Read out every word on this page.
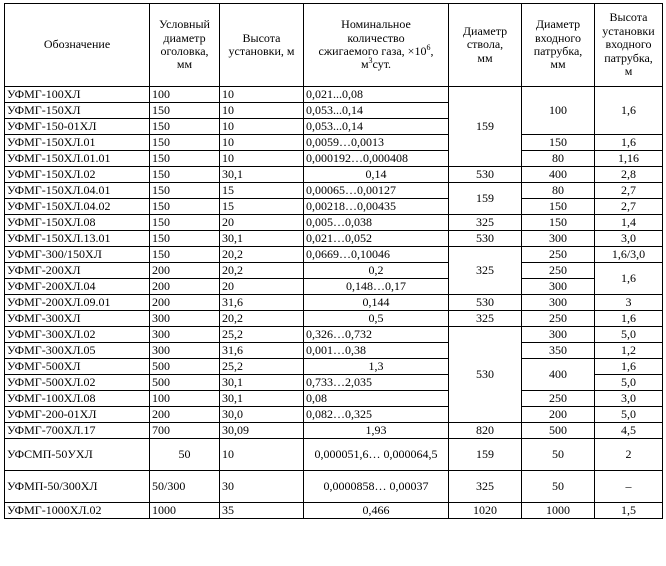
Обозначение	Условный
диаметр
оголовка,
мм	Высота
установки, м	Номинальное
количество
сжигаемого газа, $\times 10^6$,
$м^3сут$.	Диаметр
ствола,
мм	Диаметр
входного
патрубка,
мм	Высота
установки
входного
патрубка,
м
УФМГ-100ХЛ	100	10	0,021...0,08	159	100	1,6
УФМГ-150ХЛ	150	10	0,053...0,14			
УФМГ-150-01ХЛ	150	10	0,053...0,14			
УФМГ-150ХЛ.01	150	10	0,0059…0,0013		150	1,6
УФМГ-150ХЛ.01.01	150	10	0,000192…0,000408		80	1,16
УФМГ-150ХЛ.02	150	30,1	0,14	530	400	2,8
УФМГ-150ХЛ.04.01	150	15	0,00065…0,00127	159	80	2,7
УФМГ-150ХЛ.04.02	150	15	0,00218…0,00435		150	2,7
УФМГ-150ХЛ.08	150	20	0,005…0,038	325	150	1,4
УФМГ-150ХЛ.13.01	150	30,1	0,021…0,052	530	300	3,0
УФМГ-300/150ХЛ	150	20,2	0,0669…0,10046	325	250	1,6/3,0
УФМГ-200ХЛ	200	20,2	0,2		250	1,6
УФМГ-200ХЛ.04	200	20	0,148…0,17		300	
УФМГ-200ХЛ.09.01	200	31,6	0,144	530	300	3
УФМГ-300ХЛ	300	20,2	0,5	325	250	1,6
УФМГ-300ХЛ.02	300	25,2	0,326…0,732	530	300	5,0
УФМГ-300ХЛ.05	300	31,6	0,001…0,38		350	1,2
УФМГ-500ХЛ	500	25,2	1,3		400	1,6
УФМГ-500ХЛ.02	500	30,1	0,733…2,035			5,0
УФМГ-100ХЛ.08	100	30,1	0,08		250	3,0
УФМГ-200-01ХЛ	200	30,0	0,082…0,325		200	5,0
УФМГ-700ХЛ.17	700	30,09	1,93	820	500	4,5
УФСМП-50УХЛ	50	10	0,000051,6… 0,000064,5	159	50	2
УФМП-50/300ХЛ	50/300	30	0,0000858… 0,00037	325	50	–
УФМГ-1000ХЛ.02	1000	35	0,466	1020	1000	1,5
